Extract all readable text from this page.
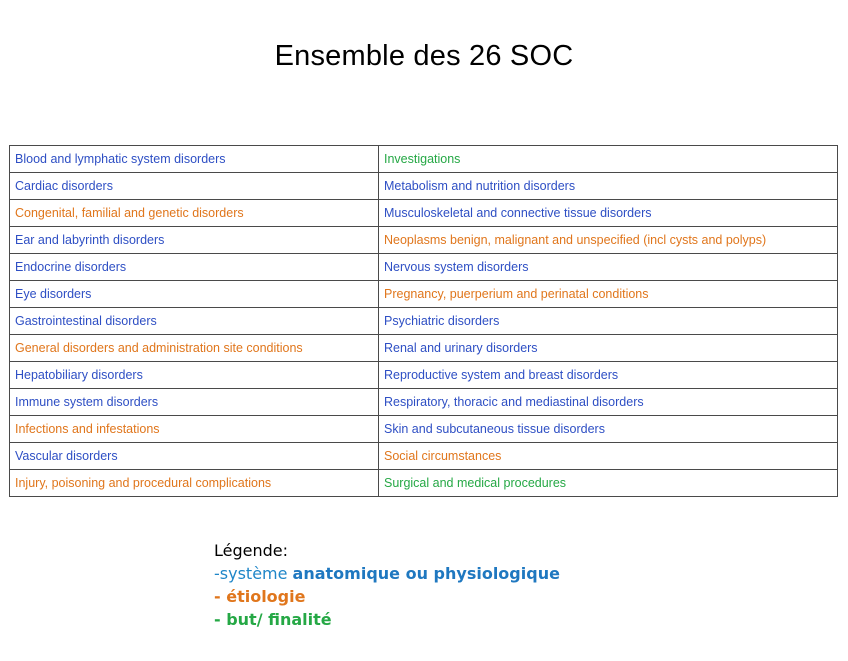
Ensemble des 26 SOC
Blood and lymphatic system disorders	Investigations
Cardiac disorders	Metabolism and nutrition disorders
Congenital, familial and genetic disorders	Musculoskeletal and connective tissue disorders
Ear and labyrinth disorders	Neoplasms benign, malignant and unspecified (incl cysts and polyps)
Endocrine disorders	Nervous system disorders
Eye disorders	Pregnancy, puerperium and perinatal conditions
Gastrointestinal disorders	Psychiatric disorders
General disorders and administration site conditions	Renal and urinary disorders
Hepatobiliary disorders	Reproductive system and breast disorders
Immune system disorders	Respiratory, thoracic and mediastinal disorders
Infections and infestations	Skin and subcutaneous tissue disorders
Vascular disorders	Social circumstances
Injury, poisoning and procedural complications	Surgical and medical procedures
Légende:
-système anatomique ou physiologique
- étiologie
- but/ finalité
